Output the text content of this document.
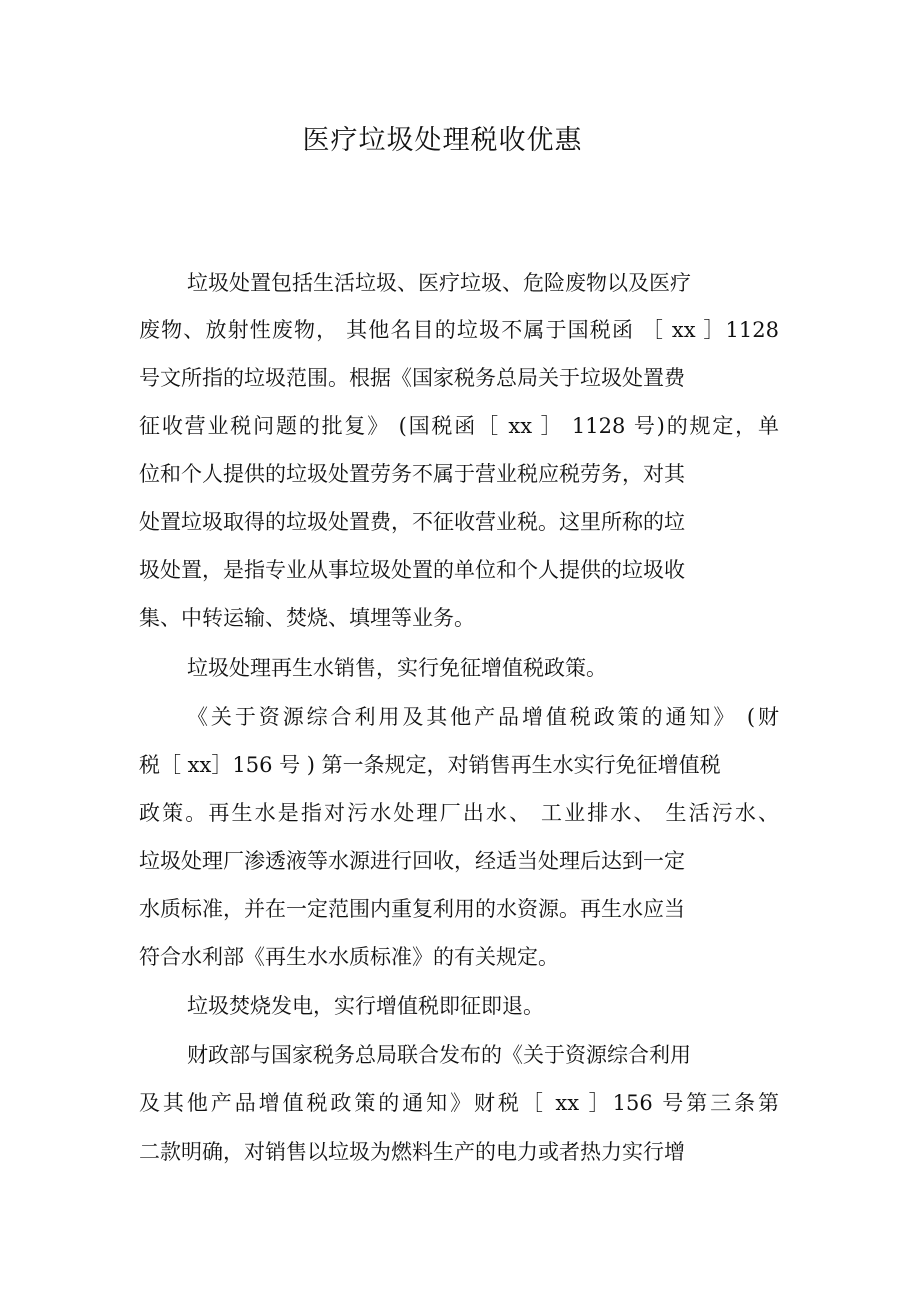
医疗垃圾处理税收优惠
垃圾处置包括生活垃圾、医疗垃圾、危险废物以及医疗
废物、放射性废物， 其他名目的垃圾不属于国税函 ［ xx ］1128
号文所指的垃圾范围。根据《国家税务总局关于垃圾处置费
征收营业税问题的批复》 (国税函［ xx ］ 1128 号)的规定，单
位和个人提供的垃圾处置劳务不属于营业税应税劳务，对其
处置垃圾取得的垃圾处置费，不征收营业税。这里所称的垃
圾处置，是指专业从事垃圾处置的单位和个人提供的垃圾收
集、中转运输、焚烧、填埋等业务。
垃圾处理再生水销售，实行免征增值税政策。
《关于资源综合利用及其他产品增值税政策的通知》 (财
税［ xx］156 号 ) 第一条规定，对销售再生水实行免征增值税
政策。再生水是指对污水处理厂出水、 工业排水、 生活污水、
垃圾处理厂渗透液等水源进行回收，经适当处理后达到一定
水质标准，并在一定范围内重复利用的水资源。再生水应当
符合水利部《再生水水质标准》的有关规定。
垃圾焚烧发电，实行增值税即征即退。
财政部与国家税务总局联合发布的《关于资源综合利用
及其他产品增值税政策的通知》财税［ xx ］156 号第三条第
二款明确，对销售以垃圾为燃料生产的电力或者热力实行增
